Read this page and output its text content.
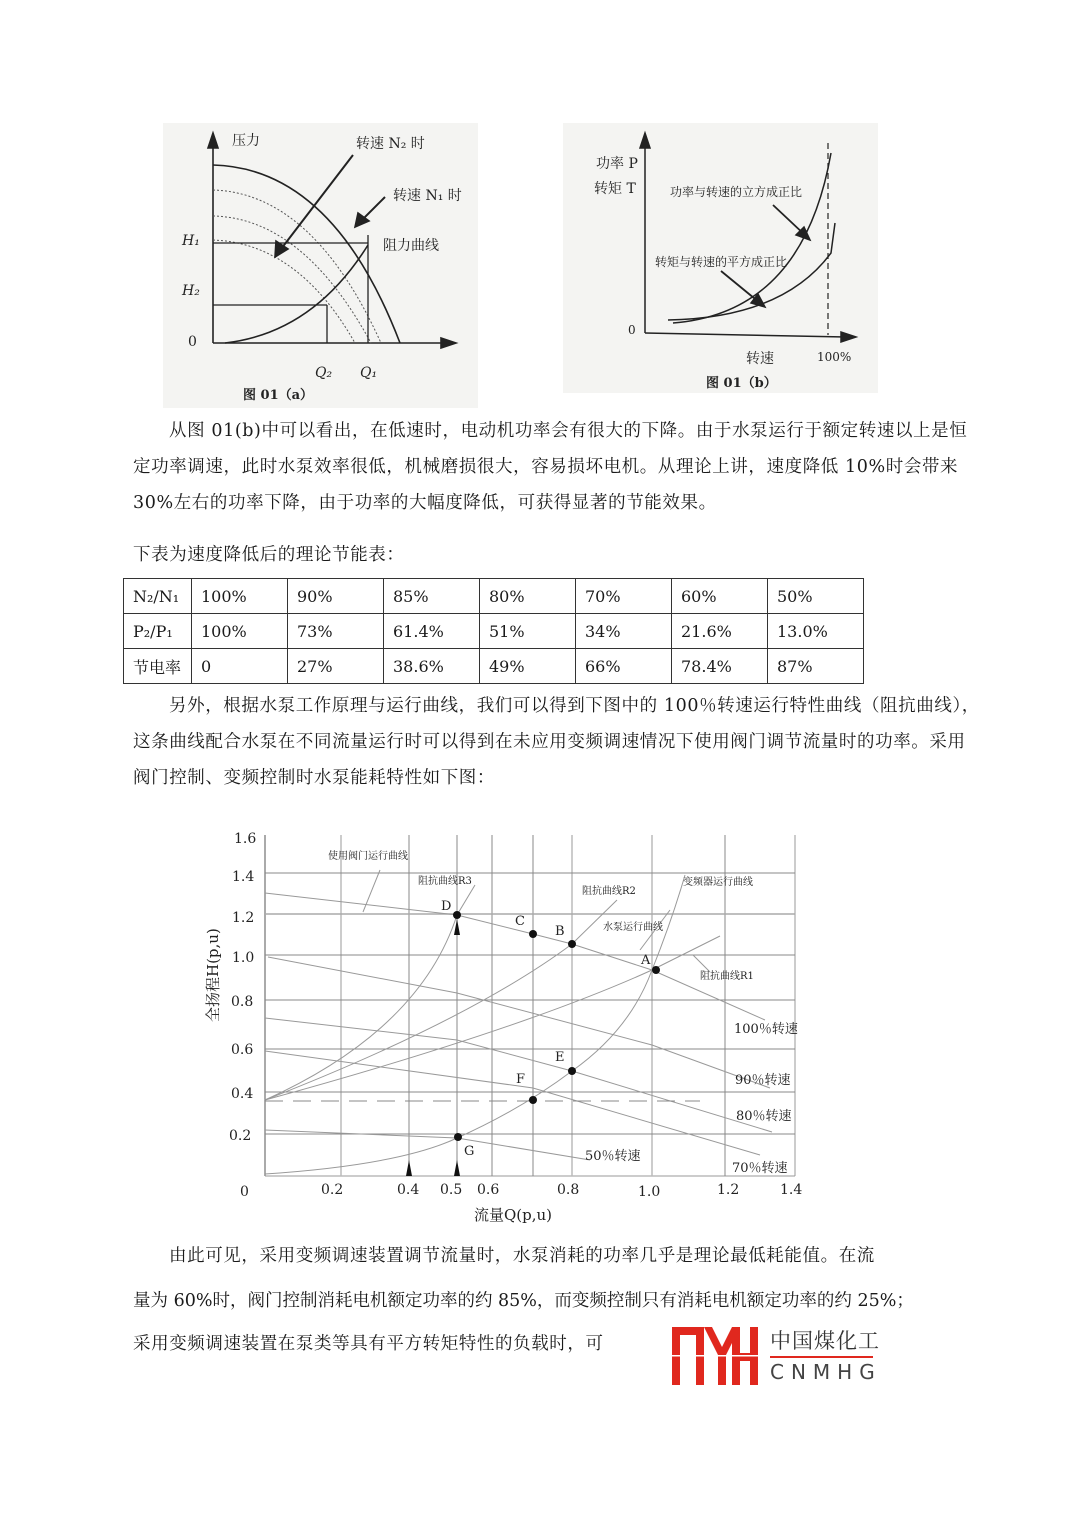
压力	转速 N₂ 时
转速 N₁ 时
阻力曲线
H₁
H₂
0
Q₂ Q₁
图 01（a）
功率 P
转矩 T	功率与转速的立方成正比
转矩与转速的平方成正比
0
转速	100%
图 01（b）
从图 01(b)中可以看出，在低速时，电动机功率会有很大的下降。由于水泵运行于额定转速以上是恒定功率调速，此时水泵效率很低，机械磨损很大，容易损坏电机。从理论上讲，速度降低 10%时会带来 30%左右的功率下降，由于功率的大幅度降低，可获得显著的节能效果。
下表为速度降低后的理论节能表：
N₂/N₁	100%	90%	85%	80%	70%	60%	50%
P₂/P₁	100%	73%	61.4%	51%	34%	21.6%	13.0%
节电率	0	27%	38.6%	49%	66%	78.4%	87%
另外，根据水泵工作原理与运行曲线，我们可以得到下图中的 100％转速运行特性曲线（阻抗曲线），这条曲线配合水泵在不同流量运行时可以得到在未应用变频调速情况下使用阀门调节流量时的功率。采用阀门控制、变频控制时水泵能耗特性如下图：
1.6
1.4
1.2
1.0
0.8
0.6
0.4
0.2
0	0.2	0.4 0.5 0.6	0.8	1.0	1.2	1.4
流量Q(p,u)
全扬程H(p,u)
使用阀门运行曲线
阻抗曲线R3
阻抗曲线R2
变频器运行曲线
水泵运行曲线
阻抗曲线R1
100％转速
90％转速
80％转速
70％转速
50％转速
D
C
B
A
E
F
G
由此可见，采用变频调速装置调节流量时，水泵消耗的功率几乎是理论最低耗能值。在流
量为 60%时，阀门控制消耗电机额定功率的约 85%，而变频控制只有消耗电机额定功率的约 25%；
采用变频调速装置在泵类等具有平方转矩特性的负载时，可	中国煤化工
CNMHG
